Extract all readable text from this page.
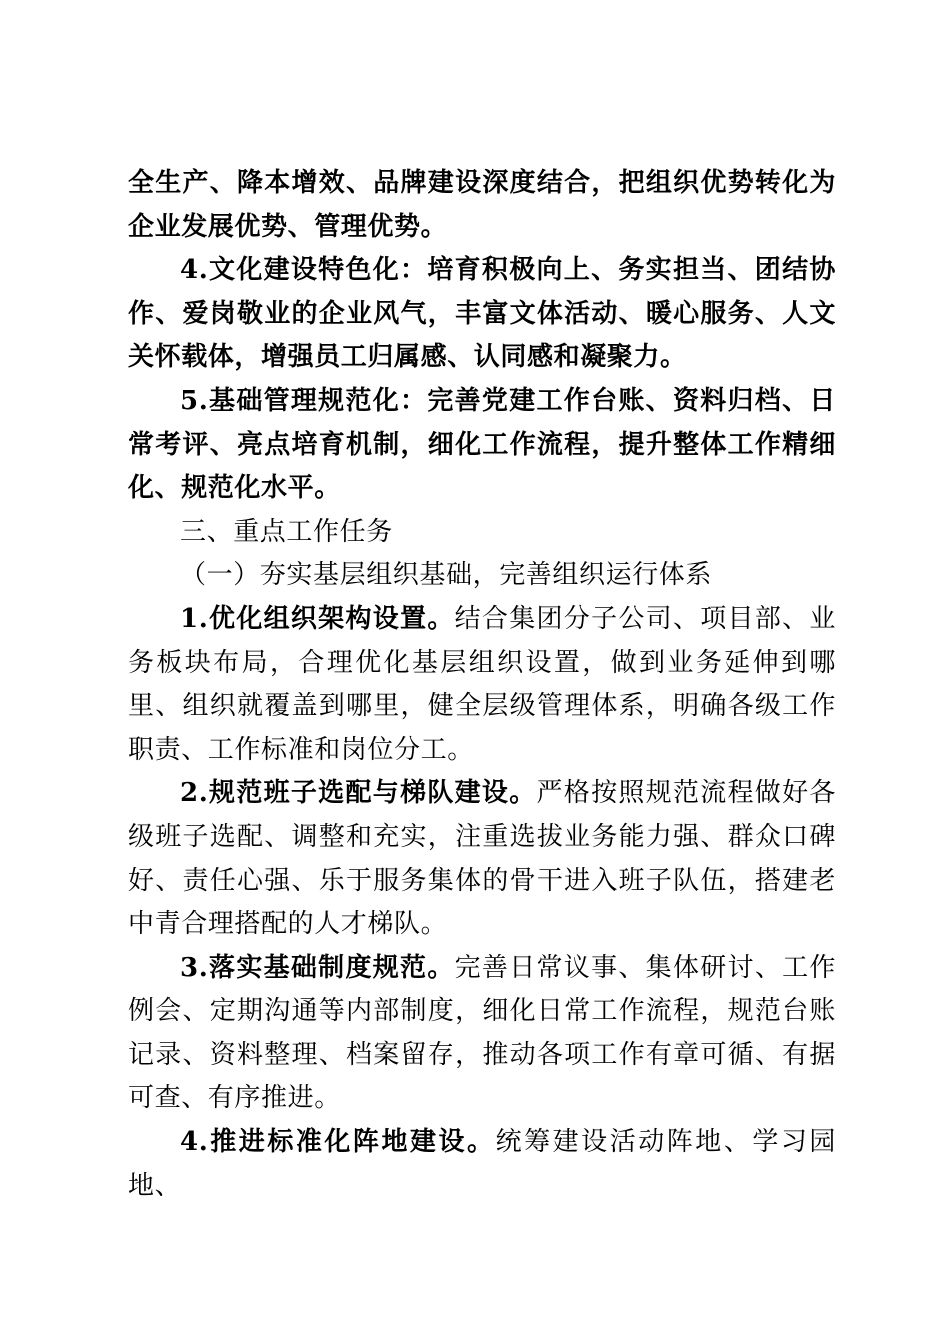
全生产、降本增效、品牌建设深度结合，把组织优势转化为企业发展优势、管理优势。

4.文化建设特色化：培育积极向上、务实担当、团结协作、爱岗敬业的企业风气，丰富文体活动、暖心服务、人文关怀载体，增强员工归属感、认同感和凝聚力。

5.基础管理规范化：完善党建工作台账、资料归档、日常考评、亮点培育机制，细化工作流程，提升整体工作精细化、规范化水平。

三、重点工作任务

（一）夯实基层组织基础，完善组织运行体系

1.优化组织架构设置。结合集团分子公司、项目部、业务板块布局，合理优化基层组织设置，做到业务延伸到哪里、组织就覆盖到哪里，健全层级管理体系，明确各级工作职责、工作标准和岗位分工。

2.规范班子选配与梯队建设。严格按照规范流程做好各级班子选配、调整和充实，注重选拔业务能力强、群众口碑好、责任心强、乐于服务集体的骨干进入班子队伍，搭建老中青合理搭配的人才梯队。

3.落实基础制度规范。完善日常议事、集体研讨、工作例会、定期沟通等内部制度，细化日常工作流程，规范台账记录、资料整理、档案留存，推动各项工作有章可循、有据可查、有序推进。

4.推进标准化阵地建设。统筹建设活动阵地、学习园地、
